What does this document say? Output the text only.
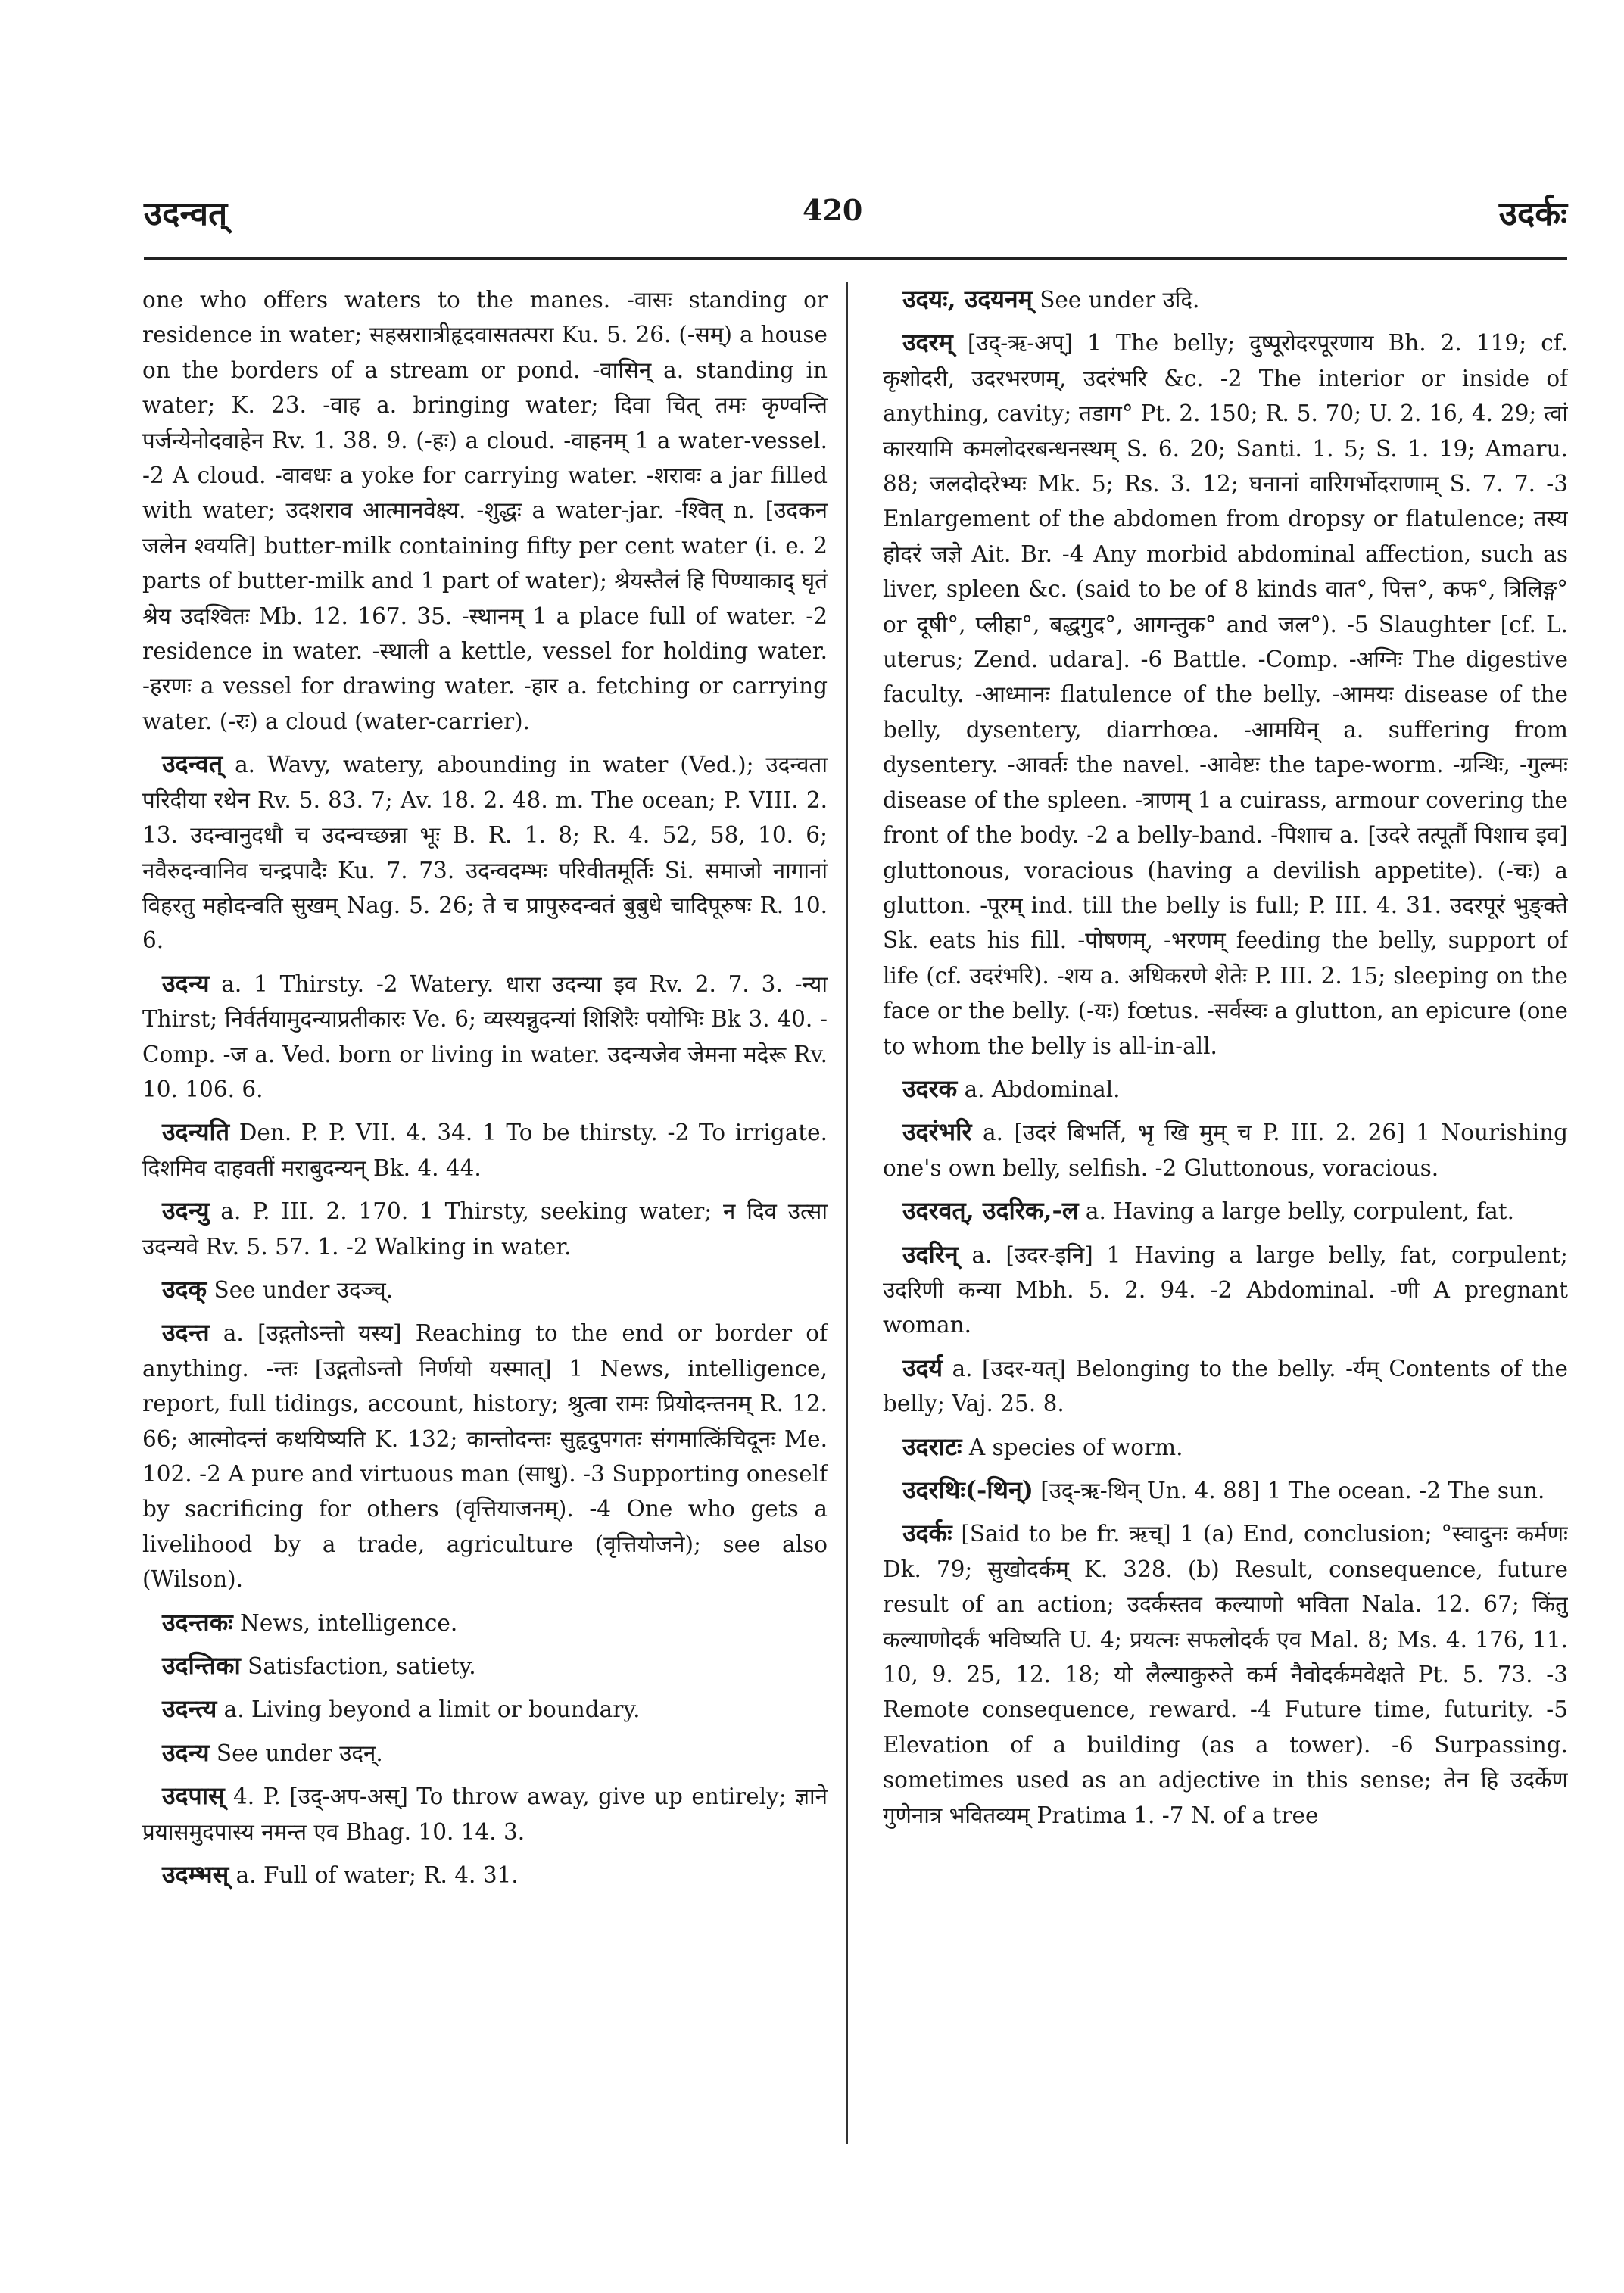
उदन्वत्	420	उदर्कः

one who offers waters to the manes. -वासः standing or residence in water; सहस्रराात्रीहृदवासतत्परा Ku. 5. 26. (-सम्) a house on the borders of a stream or pond. -वासिन् a. standing in water; K. 23. -वाह a. bringing water; दिवा चित् तमः कृण्वन्ति पर्जन्येनोदवाहेन Rv. 1. 38. 9. (-हः) a cloud. -वाहनम् 1 a water-vessel. -2 A cloud. -वावधः a yoke for carrying water. -शरावः a jar filled with water; उदशराव आत्मानवेक्ष्य. -शुद्धः a water-jar. -श्वित् n. [उदकन जलेन श्वयति] butter-milk containing fifty per cent water (i. e. 2 parts of butter-milk and 1 part of water); श्रेयस्तैलं हि पिण्याकाद् घृतं श्रेय उदश्वितः Mb. 12. 167. 35. -स्थानम् 1 a place full of water. -2 residence in water. -स्थाली a kettle, vessel for holding water. -हरणः a vessel for drawing water. -हार a. fetching or carrying water. (-रः) a cloud (water-carrier).

उदन्वत् a. Wavy, watery, abounding in water (Ved.); उदन्वता परिदीया रथेन Rv. 5. 83. 7; Av. 18. 2. 48. m. The ocean; P. VIII. 2. 13. उदन्वानुदधौ च उदन्वच्छन्ना भूः B. R. 1. 8; R. 4. 52, 58, 10. 6; नवैरुदन्वानिव चन्द्रपादैः Ku. 7. 73. उदन्वदम्भः परिवीतमूर्तिः Si. समाजो नागानां विहरतु महोदन्वति सुखम् Nag. 5. 26; ते च प्रापुरुदन्वतं बुबुधे चादिपूरुषः R. 10. 6.

उदन्य a. 1 Thirsty. -2 Watery. धारा उदन्या इव Rv. 2. 7. 3. -न्या Thirst; निर्वर्तयामुदन्याप्रतीकारः Ve. 6; व्यस्यन्नुदन्यां शिशिरैः पयोभिः Bk 3. 40. -Comp. -ज a. Ved. born or living in water. उदन्यजेव जेमना मदेरू Rv. 10. 106. 6.

उदन्यति Den. P. P. VII. 4. 34. 1 To be thirsty. -2 To irrigate. दिशमिव दाहवतीं मराबुदन्यन् Bk. 4. 44.

उदन्यु a. P. III. 2. 170. 1 Thirsty, seeking water; न दिव उत्सा उदन्यवे Rv. 5. 57. 1. -2 Walking in water.

उदक् See under उदञ्च्.

उदन्त a. [उद्गतोऽन्तो यस्य] Reaching to the end or border of anything. -न्तः [उद्गतोऽन्तो निर्णयो यस्मात्] 1 News, intelligence, report, full tidings, account, history; श्रुत्वा रामः प्रियोदन्तनम् R. 12. 66; आत्मोदन्तं कथयिष्यति K. 132; कान्तोदन्तः सुहृदुपगतः संगमात्किंचिदूनः Me. 102. -2 A pure and virtuous man (साधु). -3 Supporting oneself by sacrificing for others (वृत्तियाजनम्). -4 One who gets a livelihood by a trade, agriculture (वृत्तियोजने); see also (Wilson).

उदन्तकः News, intelligence.

उदन्तिका Satisfaction, satiety.

उदन्त्य a. Living beyond a limit or boundary.

उदन्य See under उदन्.

उदपास् 4. P. [उद्-अप-अस्] To throw away, give up entirely; ज्ञाने प्रयासमुदपास्य नमन्त एव Bhag. 10. 14. 3.

उदम्भस् a. Full of water; R. 4. 31.

उदयः, उदयनम् See under उदि.

उदरम् [उद्-ऋ-अप्] 1 The belly; दुष्पूरोदरपूरणाय Bh. 2. 119; cf. कृशोदरी, उदरभरणम्, उदरंभरि &c. -2 The interior or inside of anything, cavity; तडाग° Pt. 2. 150; R. 5. 70; U. 2. 16, 4. 29; त्वां कारयामि कमलोदरबन्धनस्थम् S. 6. 20; Santi. 1. 5; S. 1. 19; Amaru. 88; जलदोदरेभ्यः Mk. 5; Rs. 3. 12; घनानां वारिगर्भोदराणाम् S. 7. 7. -3 Enlargement of the abdomen from dropsy or flatulence; तस्य होदरं जज्ञे Ait. Br. -4 Any morbid abdominal affection, such as liver, spleen &c. (said to be of 8 kinds वात°, पित्त°, कफ°, त्रिलिङ्ग° or दूषी°, प्लीहा°, बद्धगुद°, आगन्तुक° and जल°). -5 Slaughter [cf. L. uterus; Zend. udara]. -6 Battle. -Comp. -अग्निः The digestive faculty. -आध्मानः flatulence of the belly. -आमयः disease of the belly, dysentery, diarrhœa. -आमयिन् a. suffering from dysentery. -आवर्तः the navel. -आवेष्टः the tape-worm. -ग्रन्थिः, -गुल्मः disease of the spleen. -त्राणम् 1 a cuirass, armour covering the front of the body. -2 a belly-band. -पिशाच a. [उदरे तत्पूर्तौ पिशाच इव] gluttonous, voracious (having a devilish appetite). (-चः) a glutton. -पूरम् ind. till the belly is full; P. III. 4. 31. उदरपूरं भुङ्क्ते Sk. eats his fill. -पोषणम्, -भरणम् feeding the belly, support of life (cf. उदरंभरि). -शय a. अधिकरणे शेतेः P. III. 2. 15; sleeping on the face or the belly. (-यः) fœtus. -सर्वस्वः a glutton, an epicure (one to whom the belly is all-in-all.

उदरक a. Abdominal.

उदरंभरि a. [उदरं बिभर्ति, भृ खि मुम् च P. III. 2. 26] 1 Nourishing one's own belly, selfish. -2 Gluttonous, voracious.

उदरवत्, उदरिक,-ल a. Having a large belly, corpulent, fat.

उदरिन् a. [उदर-इनि] 1 Having a large belly, fat, corpulent; उदरिणी कन्या Mbh. 5. 2. 94. -2 Abdominal. -णी A pregnant woman.

उदर्य a. [उदर-यत्] Belonging to the belly. -र्यम् Contents of the belly; Vaj. 25. 8.

उदराटः A species of worm.

उदरथिः(-थिन्) [उद्-ऋ-थिन् Un. 4. 88] 1 The ocean. -2 The sun.

उदर्कः [Said to be fr. ऋच्] 1 (a) End, conclusion; °स्वादुनः कर्मणः Dk. 79; सुखोदर्कम् K. 328. (b) Result, consequence, future result of an action; उदर्कस्तव कल्याणो भविता Nala. 12. 67; किंतु कल्याणोदर्कं भविष्यति U. 4; प्रयत्नः सफलोदर्क एव Mal. 8; Ms. 4. 176, 11. 10, 9. 25, 12. 18; यो लैल्याकुरुते कर्म नैवोदर्कमवेक्षते Pt. 5. 73. -3 Remote consequence, reward. -4 Future time, futurity. -5 Elevation of a building (as a tower). -6 Surpassing. sometimes used as an adjective in this sense; तेन हि उदर्केण गुणेनात्र भवितव्यम् Pratima 1. -7 N. of a tree
